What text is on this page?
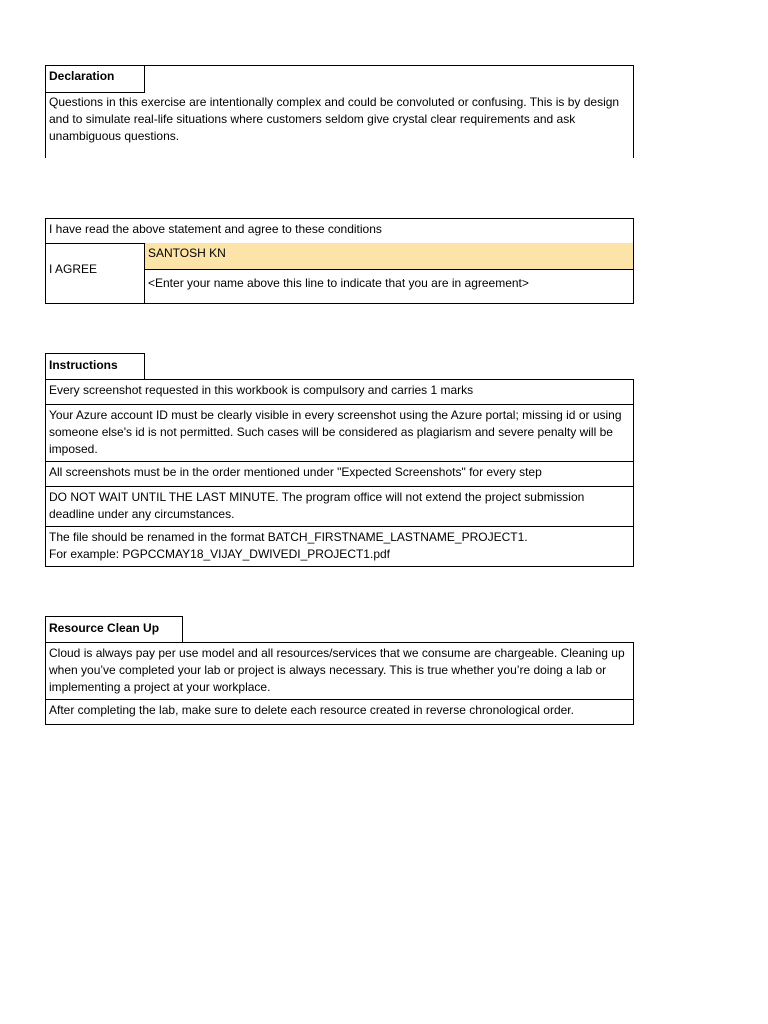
Declaration
Questions in this exercise are intentionally complex and could be convoluted or confusing. This is by design and to simulate real-life situations where customers seldom give crystal clear requirements and ask unambiguous questions.
I have read the above statement and agree to these conditions
I AGREE
SANTOSH KN
<Enter your name above this line to indicate that you are in agreement>
Instructions
Every screenshot requested in this workbook is compulsory and carries 1 marks
Your Azure account ID must be clearly visible in every screenshot using the Azure portal; missing id or using someone else's id is not permitted. Such cases will be considered as plagiarism and severe penalty will be imposed.
All screenshots must be in the order mentioned under "Expected Screenshots" for every step
DO NOT WAIT UNTIL THE LAST MINUTE. The program office will not extend the project submission deadline under any circumstances.
The file should be renamed in the format BATCH_FIRSTNAME_LASTNAME_PROJECT1.
For example: PGPCCMAY18_VIJAY_DWIVEDI_PROJECT1.pdf
Resource Clean Up
Cloud is always pay per use model and all resources/services that we consume are chargeable. Cleaning up when you’ve completed your lab or project is always necessary. This is true whether you’re doing a lab or implementing a project at your workplace.
After completing the lab, make sure to delete each resource created in reverse chronological order.
